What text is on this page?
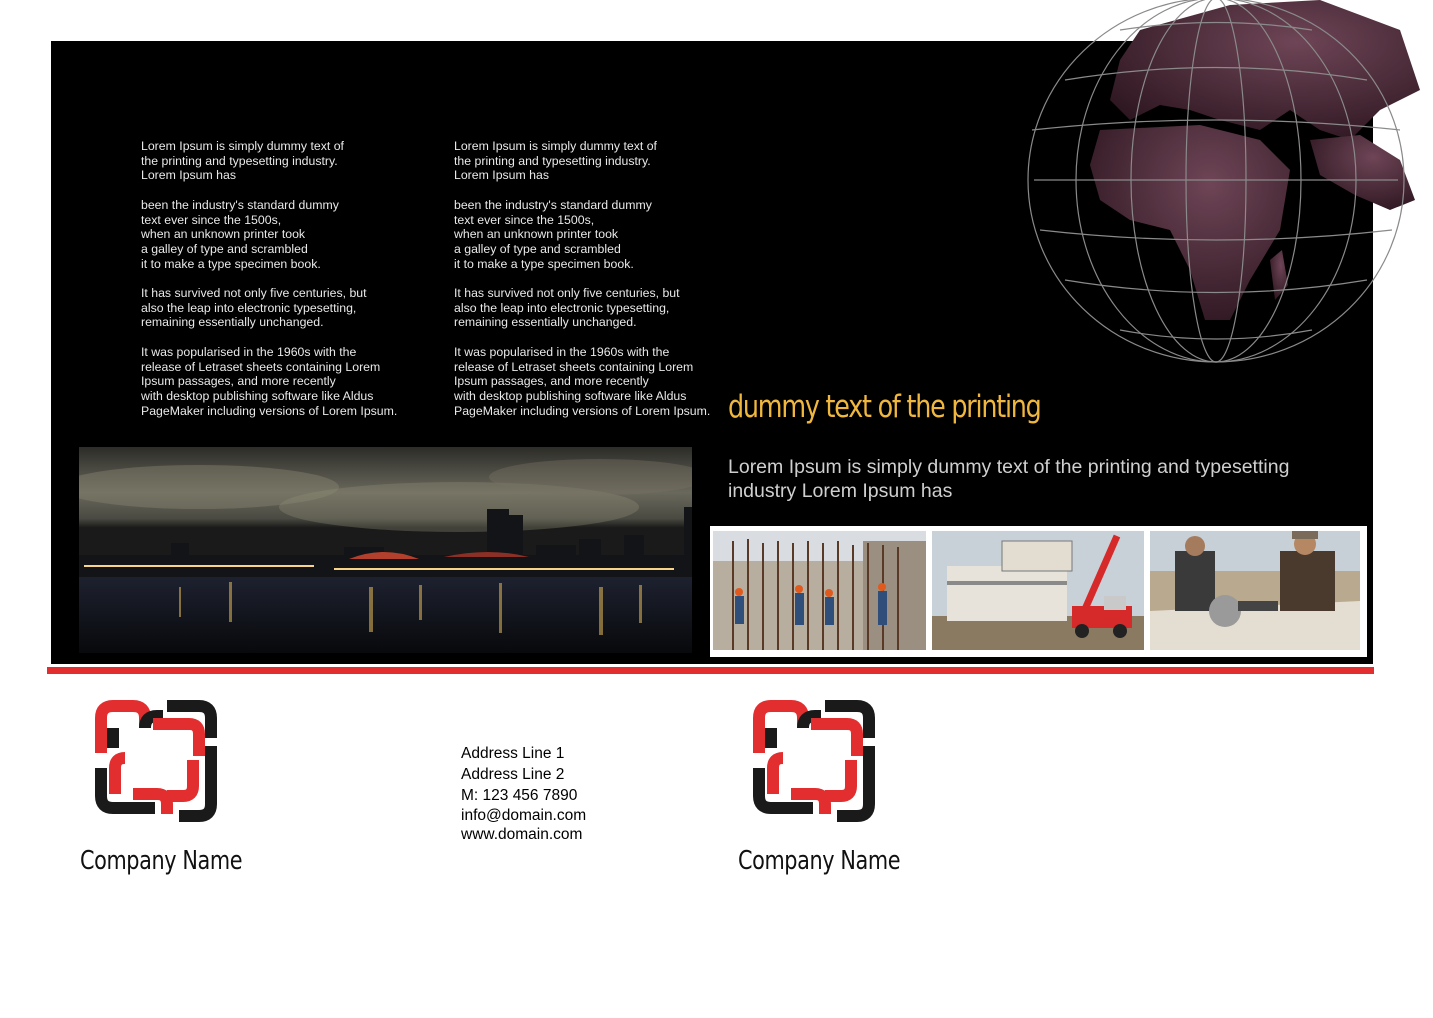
Lorem Ipsum is simply dummy text of
the printing and typesetting industry.
Lorem Ipsum has

been the industry's standard dummy
text ever since the 1500s,
when an unknown printer took
a galley of type and scrambled
it to make a type specimen book.

It has survived not only five centuries, but
also the leap into electronic typesetting,
remaining essentially unchanged.

It was popularised in the 1960s with the
release of Letraset sheets containing Lorem
Ipsum passages, and more recently
with desktop publishing software like Aldus
PageMaker including versions of Lorem Ipsum.

Lorem Ipsum is simply dummy text of
the printing and typesetting industry.
Lorem Ipsum has

been the industry's standard dummy
text ever since the 1500s,
when an unknown printer took
a galley of type and scrambled
it to make a type specimen book.

It has survived not only five centuries, but
also the leap into electronic typesetting,
remaining essentially unchanged.

It was popularised in the 1960s with the
release of Letraset sheets containing Lorem
Ipsum passages, and more recently
with desktop publishing software like Aldus
PageMaker including versions of Lorem Ipsum. dummy text of the printing
Lorem Ipsum is simply dummy text of the printing and typesetting industry Lorem Ipsum has
Company Name	Company Name
Address Line 1
Address Line 2
M: 123 456 7890
info@domain.com
www.domain.com
